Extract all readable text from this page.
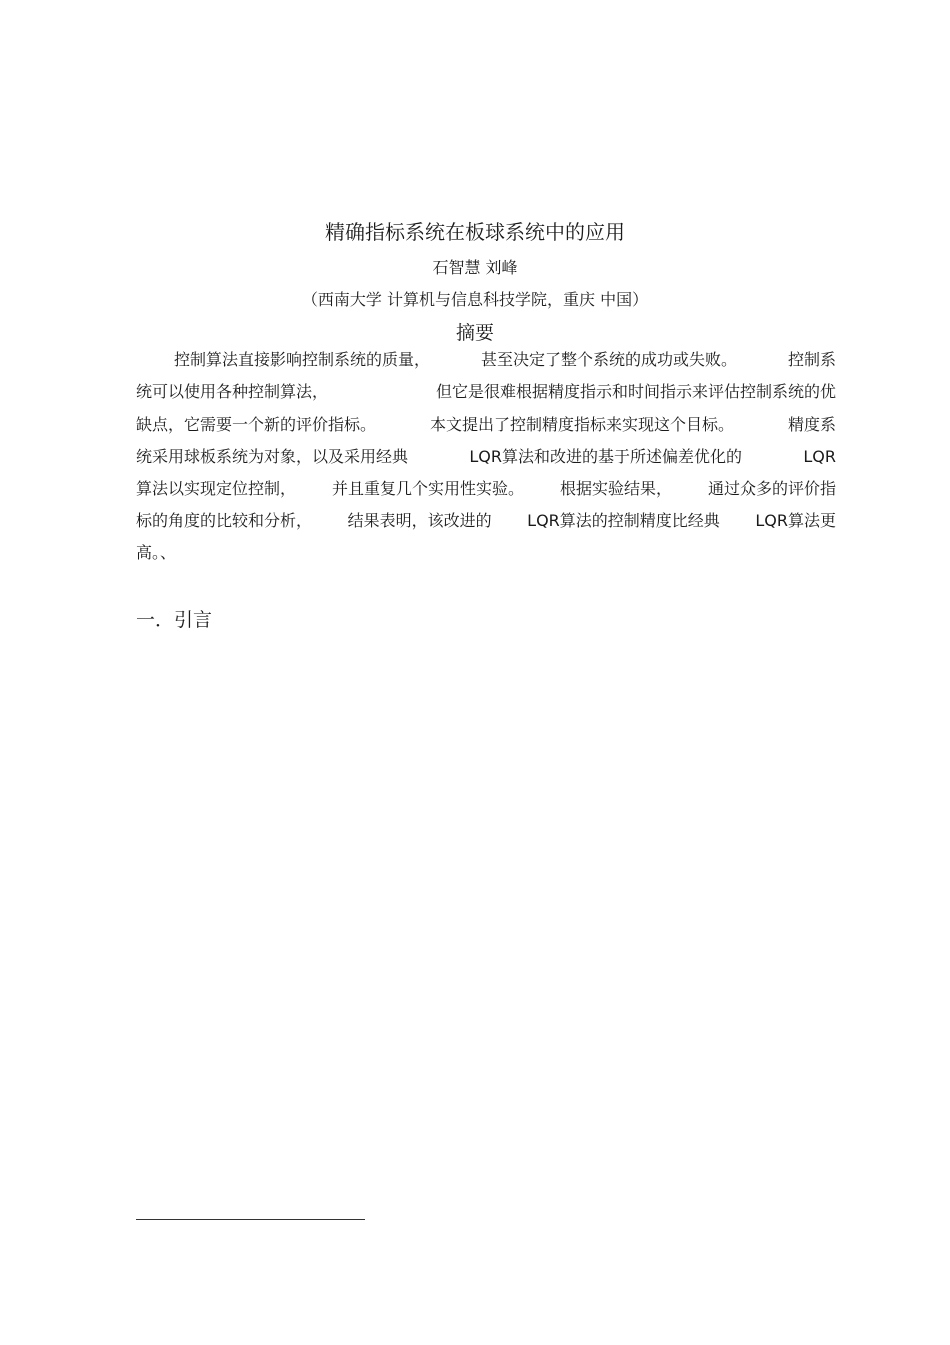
精确指标系统在板球系统中的应用
石智慧 刘峰
（西南大学 计算机与信息科技学院，重庆 中国）
摘要
控制算法直接影响控制系统的质量，	甚至决定了整个系统的成功或失败。	控制系
统可以使用各种控制算法，	但它是很难根据精度指示和时间指示来评估控制系统的优
缺点，它需要一个新的评价指标。	本文提出了控制精度指标来实现这个目标。	精度系
统采用球板系统为对象，以及采用经典	LQR算法和改进的基于所述偏差优化的	LQR
算法以实现定位控制， 并且重复几个实用性实验。 根据实验结果， 通过众多的评价指
标的角度的比较和分析， 结果表明，该改进的 LQR算法的控制精度比经典 LQR算法更
高。、
一．引言
